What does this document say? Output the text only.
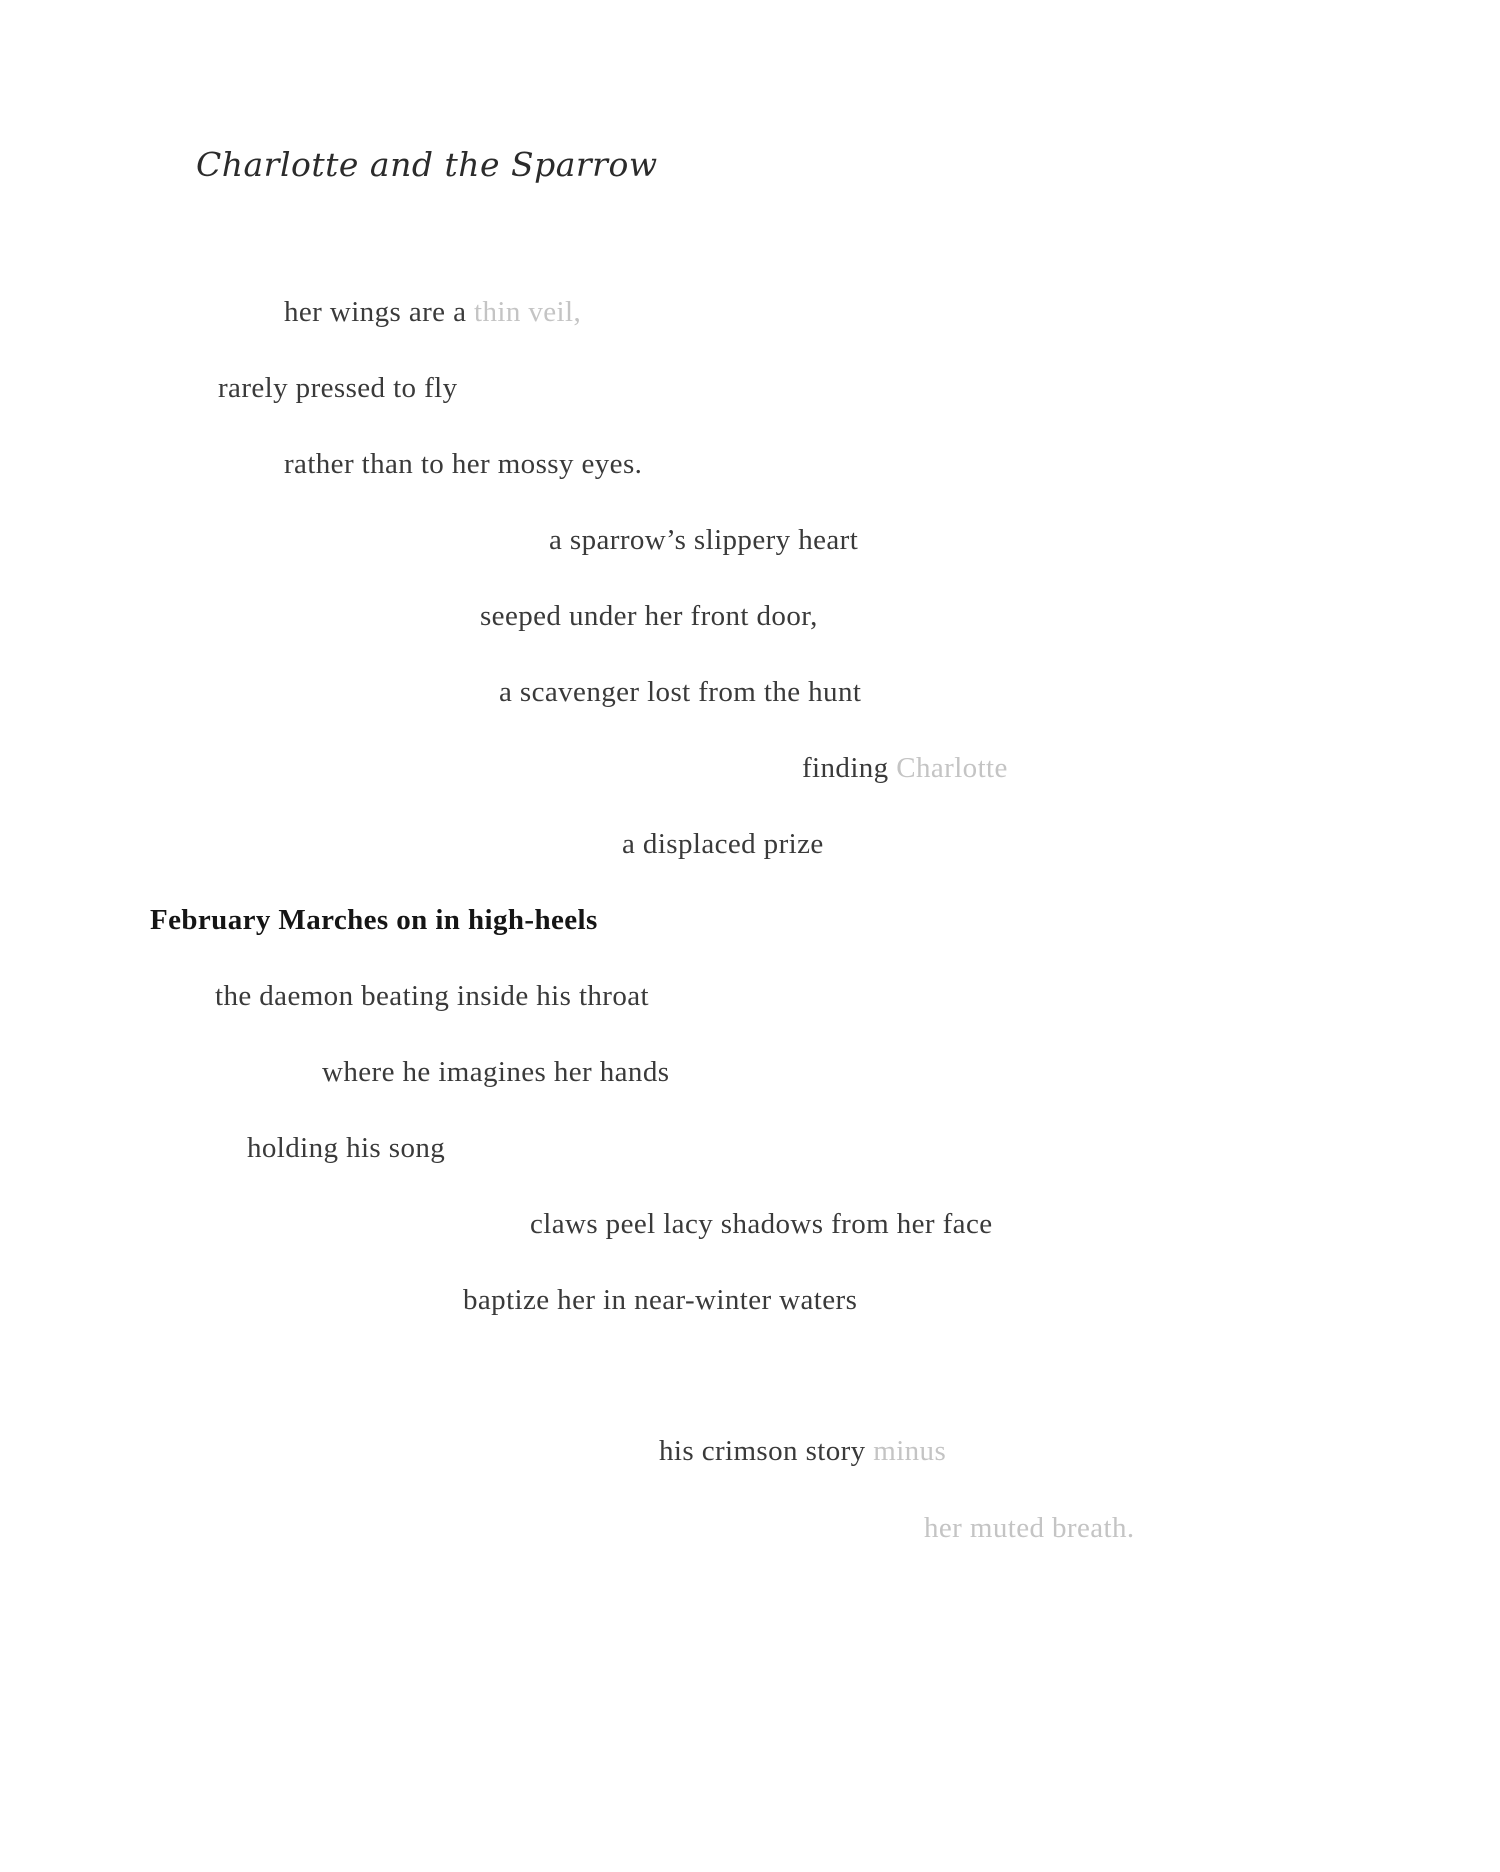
Charlotte and the Sparrow
her wings are a thin veil,
rarely pressed to fly
rather than to her mossy eyes.
a sparrow’s slippery heart
seeped under her front door,
a scavenger lost from the hunt
finding Charlotte
a displaced prize
February Marches on in high-heels
the daemon beating inside his throat
where he imagines her hands
holding his song
claws peel lacy shadows from her face
baptize her in near-winter waters
his crimson story minus
her muted breath.
